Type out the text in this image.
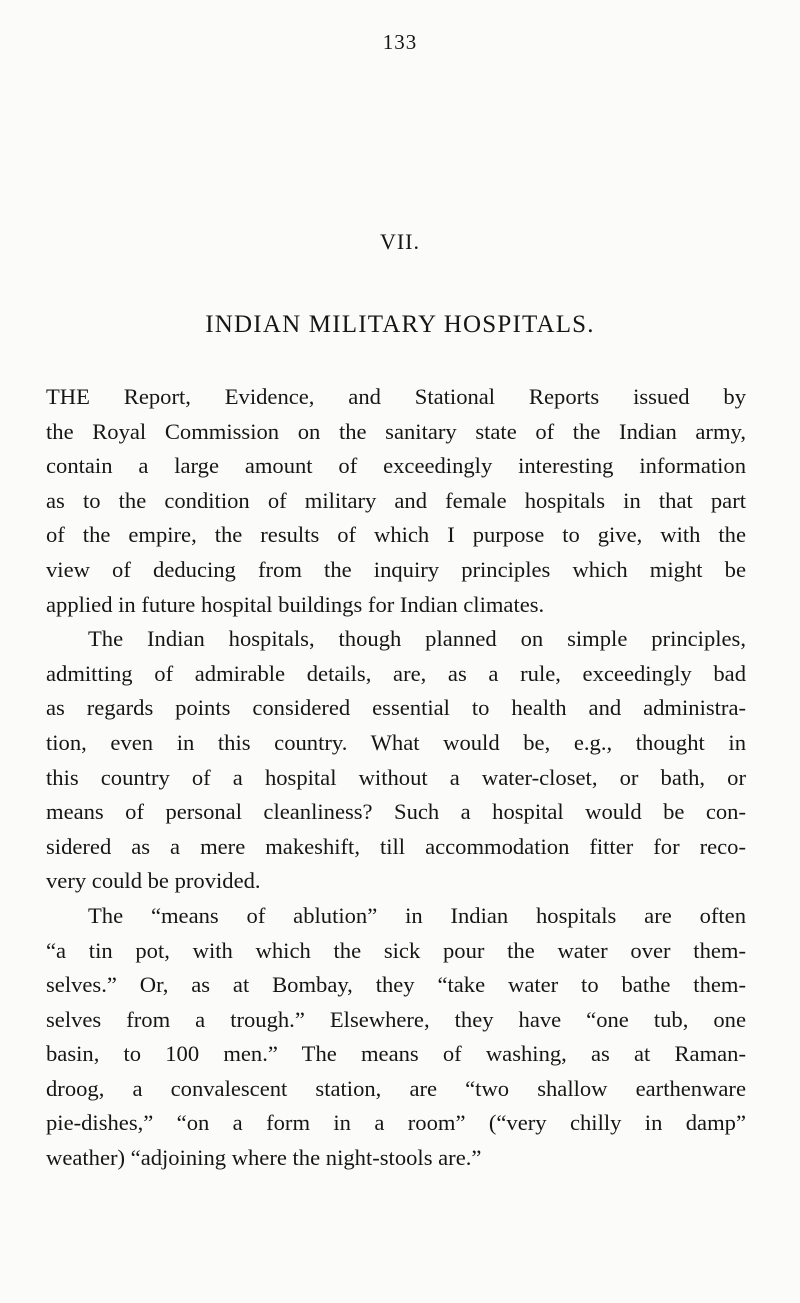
133
VII.
INDIAN MILITARY HOSPITALS.

THE Report, Evidence, and Stational Reports issued by
the Royal Commission on the sanitary state of the Indian army,
contain a large amount of exceedingly interesting information
as to the condition of military and female hospitals in that part
of the empire, the results of which I purpose to give, with the
view of deducing from the inquiry principles which might be
applied in future hospital buildings for Indian climates.

The Indian hospitals, though planned on simple principles,
admitting of admirable details, are, as a rule, exceedingly bad
as regards points considered essential to health and administra-
tion, even in this country. What would be, e.g., thought in
this country of a hospital without a water-closet, or bath, or
means of personal cleanliness? Such a hospital would be con-
sidered as a mere makeshift, till accommodation fitter for reco-
very could be provided.

The “means of ablution” in Indian hospitals are often
“a tin pot, with which the sick pour the water over them-
selves.” Or, as at Bombay, they “take water to bathe them-
selves from a trough.” Elsewhere, they have “one tub, one
basin, to 100 men.” The means of washing, as at Raman-
droog, a convalescent station, are “two shallow earthenware
pie-dishes,” “on a form in a room” (“very chilly in damp”
weather) “adjoining where the night-stools are.”
